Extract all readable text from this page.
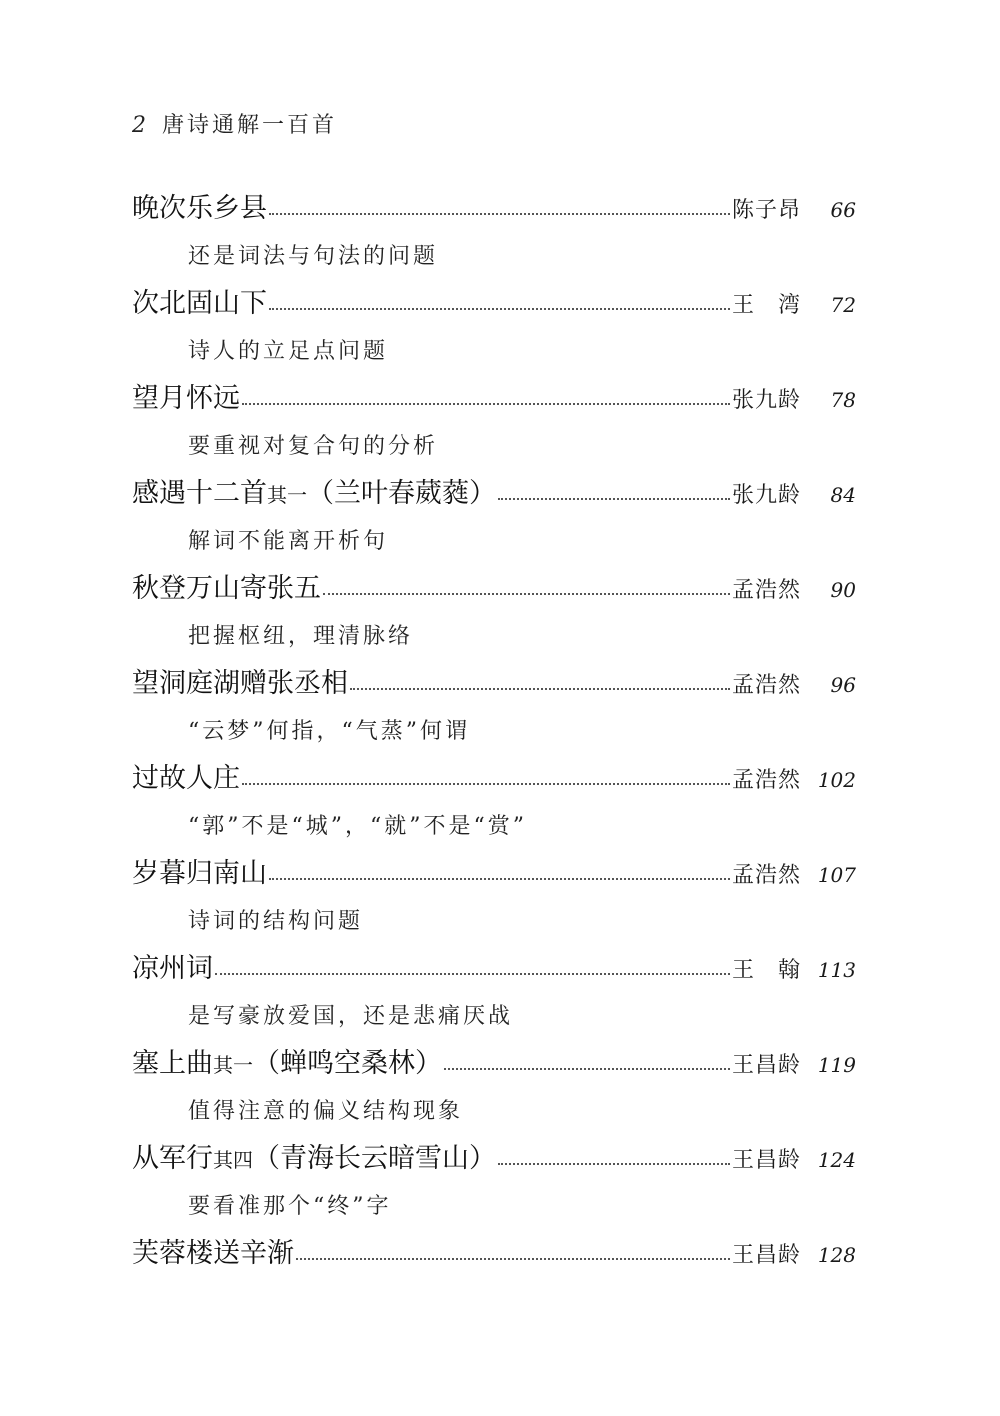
2 唐诗通解一百首
晚次乐乡县	陈子昂	66
还是词法与句法的问题
次北固山下	王　湾	72
诗人的立足点问题
望月怀远	张九龄	78
要重视对复合句的分析
感遇十二首其一（兰叶春葳蕤）	张九龄	84
解词不能离开析句
秋登万山寄张五	孟浩然	90
把握枢纽，理清脉络
望洞庭湖赠张丞相	孟浩然	96
“云梦”何指，“气蒸”何谓
过故人庄	孟浩然 102
“郭”不是“城”，“就”不是“赏”
岁暮归南山	孟浩然 107
诗词的结构问题
凉州词	王　翰 113
是写豪放爱国，还是悲痛厌战
塞上曲其一（蝉鸣空桑林）	王昌龄 119
值得注意的偏义结构现象
从军行其四（青海长云暗雪山）	王昌龄 124
要看准那个“终”字
芙蓉楼送辛渐	王昌龄 128
